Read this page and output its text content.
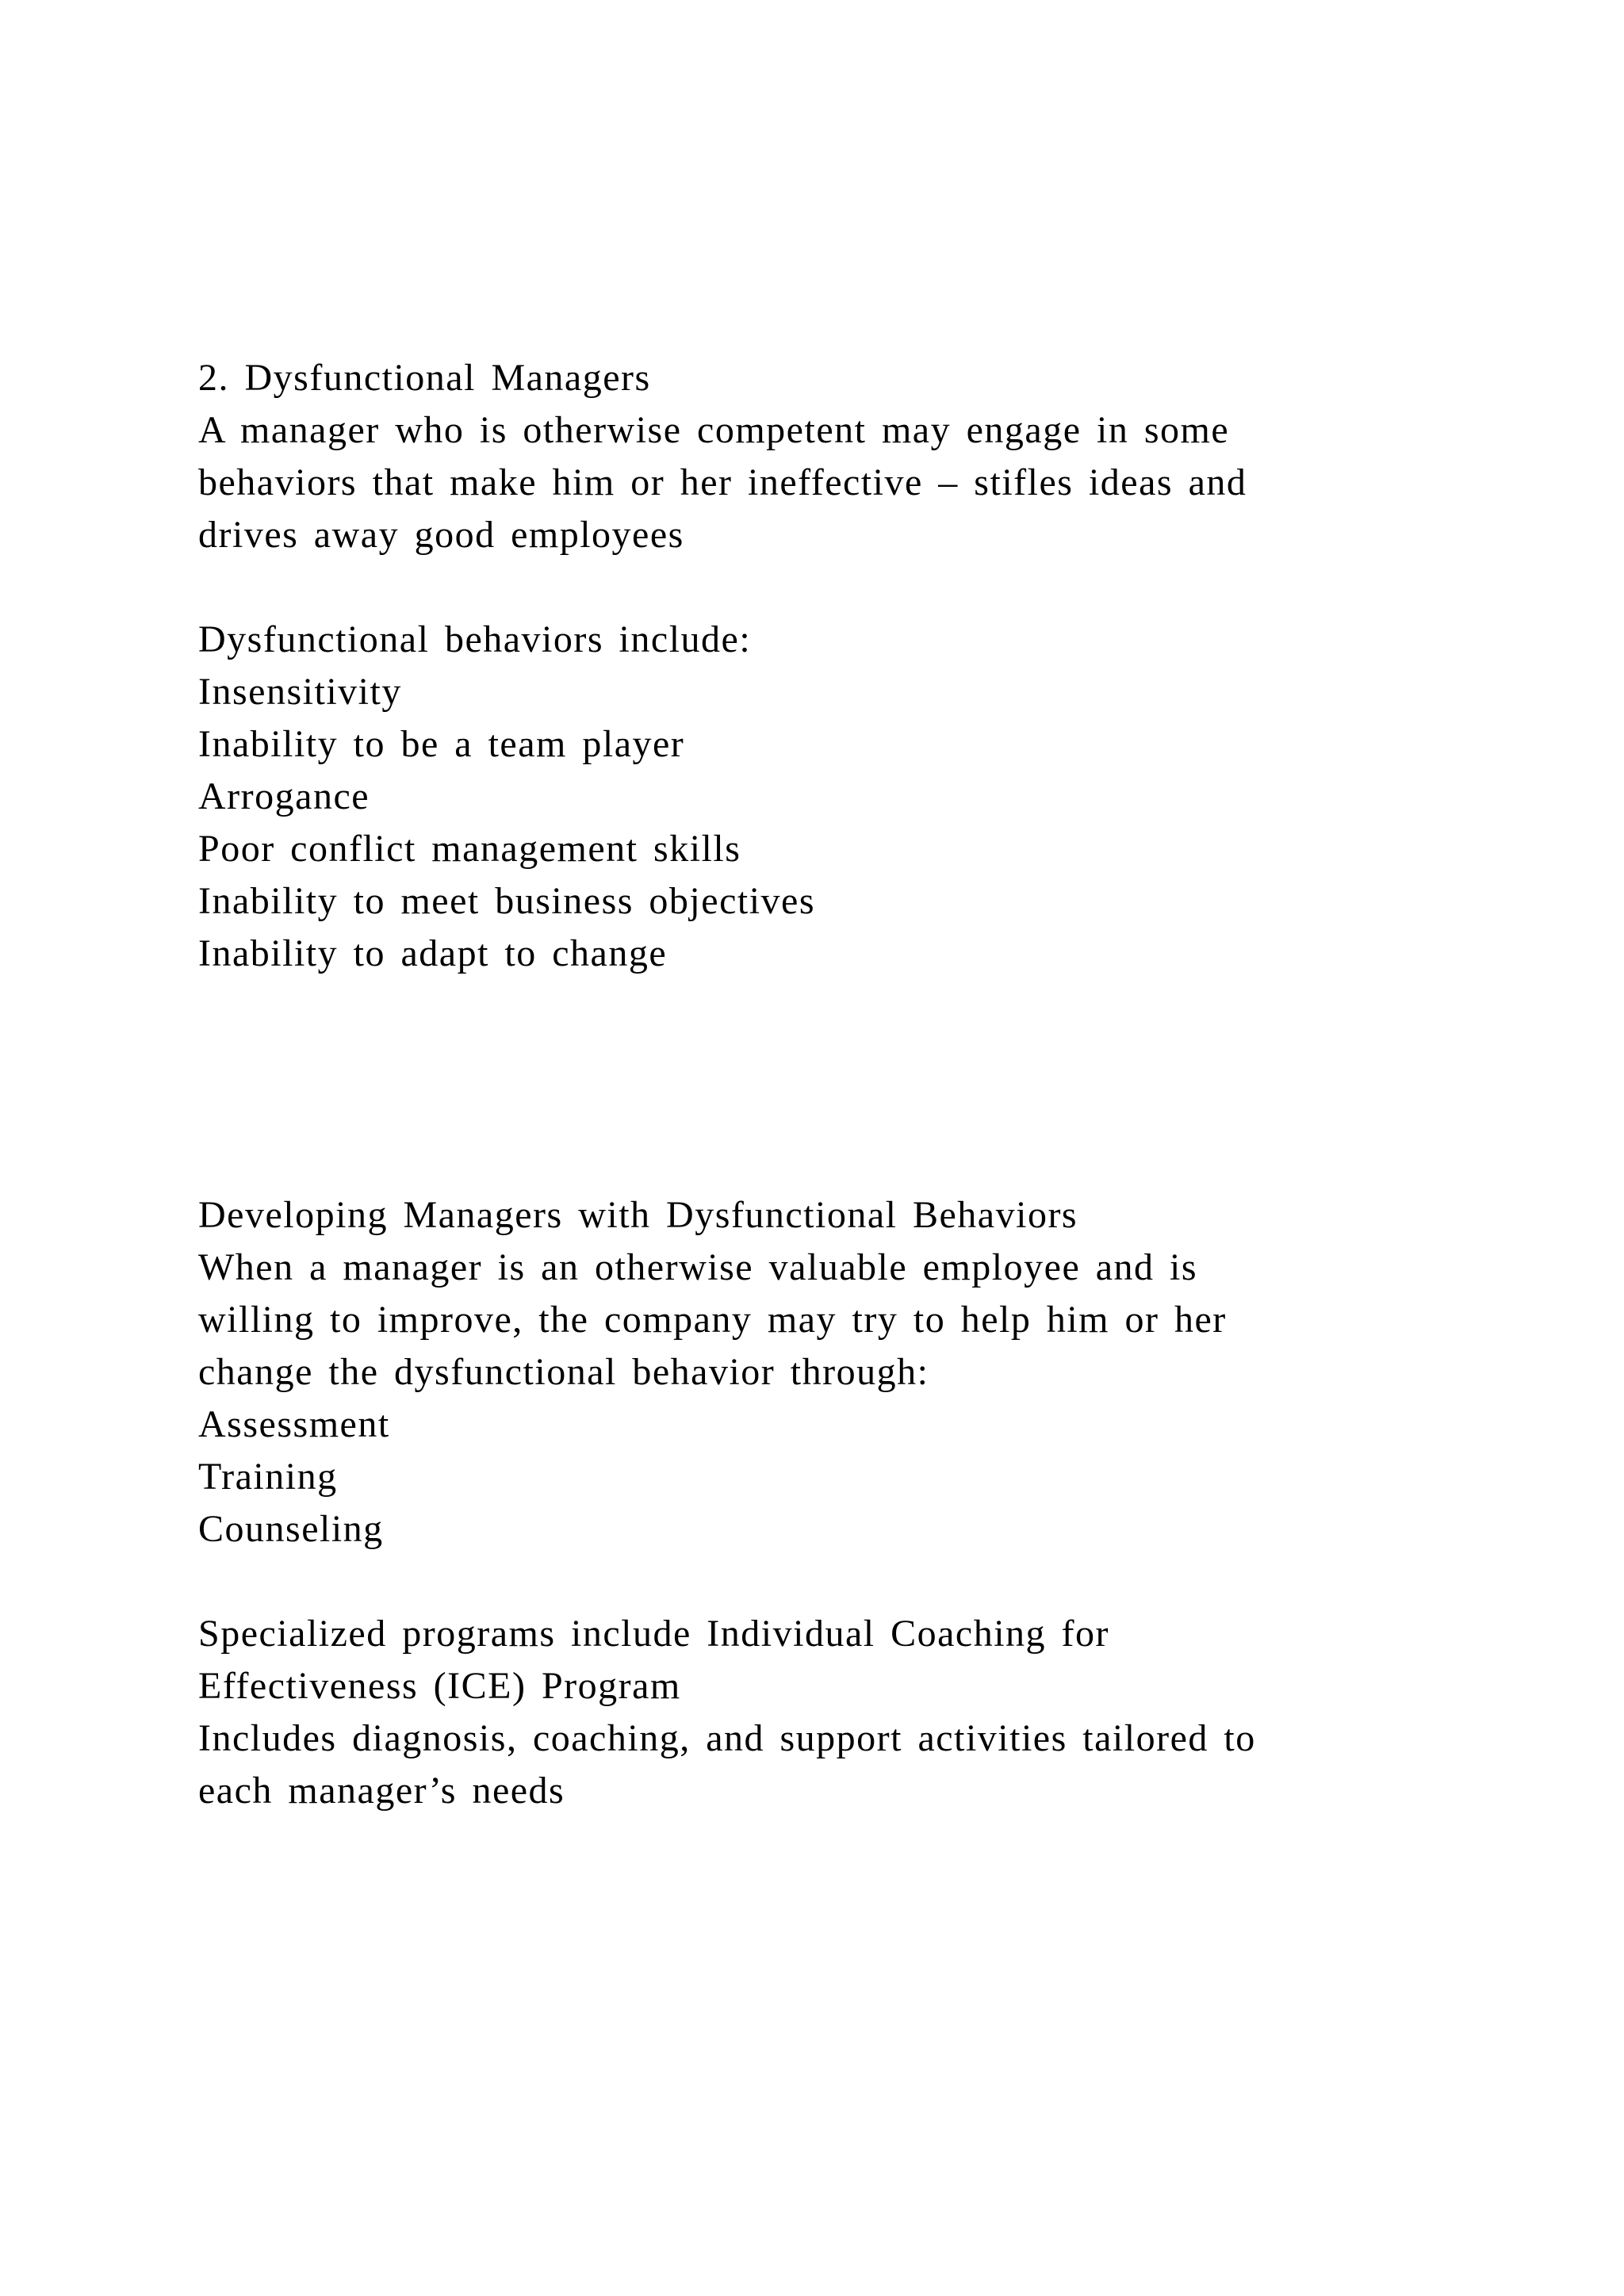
2. Dysfunctional Managers
A manager who is otherwise competent may engage in some
behaviors that make him or her ineffective – stifles ideas and
drives away good employees
Dysfunctional behaviors include:
Insensitivity
Inability to be a team player
Arrogance
Poor conflict management skills
Inability to meet business objectives
Inability to adapt to change
Developing Managers with Dysfunctional Behaviors
When a manager is an otherwise valuable employee and is
willing to improve, the company may try to help him or her
change the dysfunctional behavior through:
Assessment
Training
Counseling
Specialized programs include Individual Coaching for
Effectiveness (ICE) Program
Includes diagnosis, coaching, and support activities tailored to
each manager’s needs
